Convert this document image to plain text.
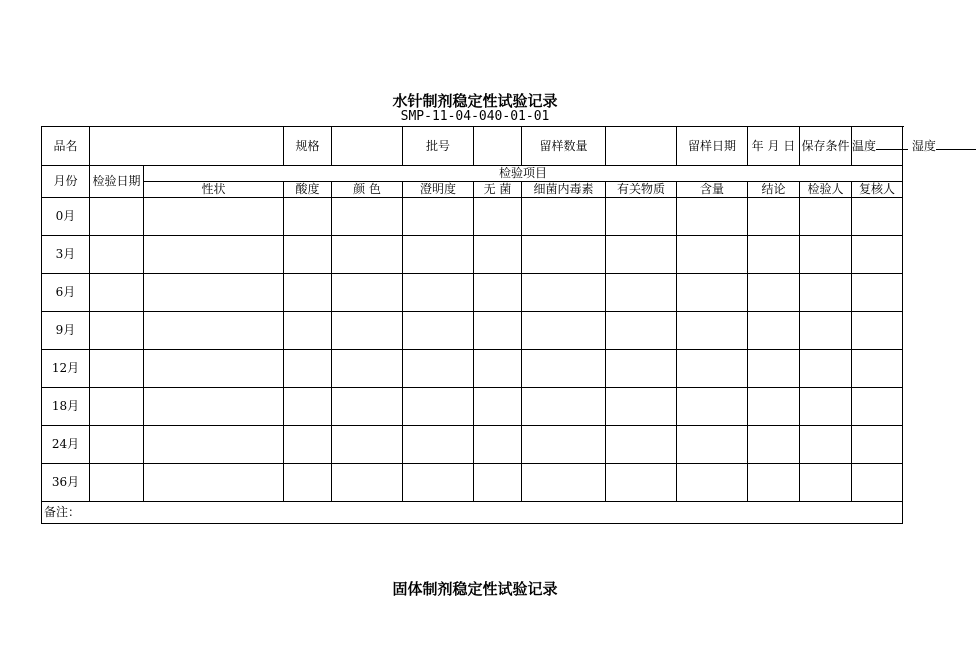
水针制剂稳定性试验记录
SMP-11-04-040-01-01
品名			规格		批号		留样数量		留样日期	年 月 日	保存条件	温度 湿度
月份	检验日期	检验项目										
		性状	酸度	颜 色	澄明度	无 菌	细菌内毒素	有关物质	含量	结论	检验人	复核人
0月												
3月												
6月												
9月												
12月												
18月												
24月												
36月												
备注：												
固体制剂稳定性试验记录
